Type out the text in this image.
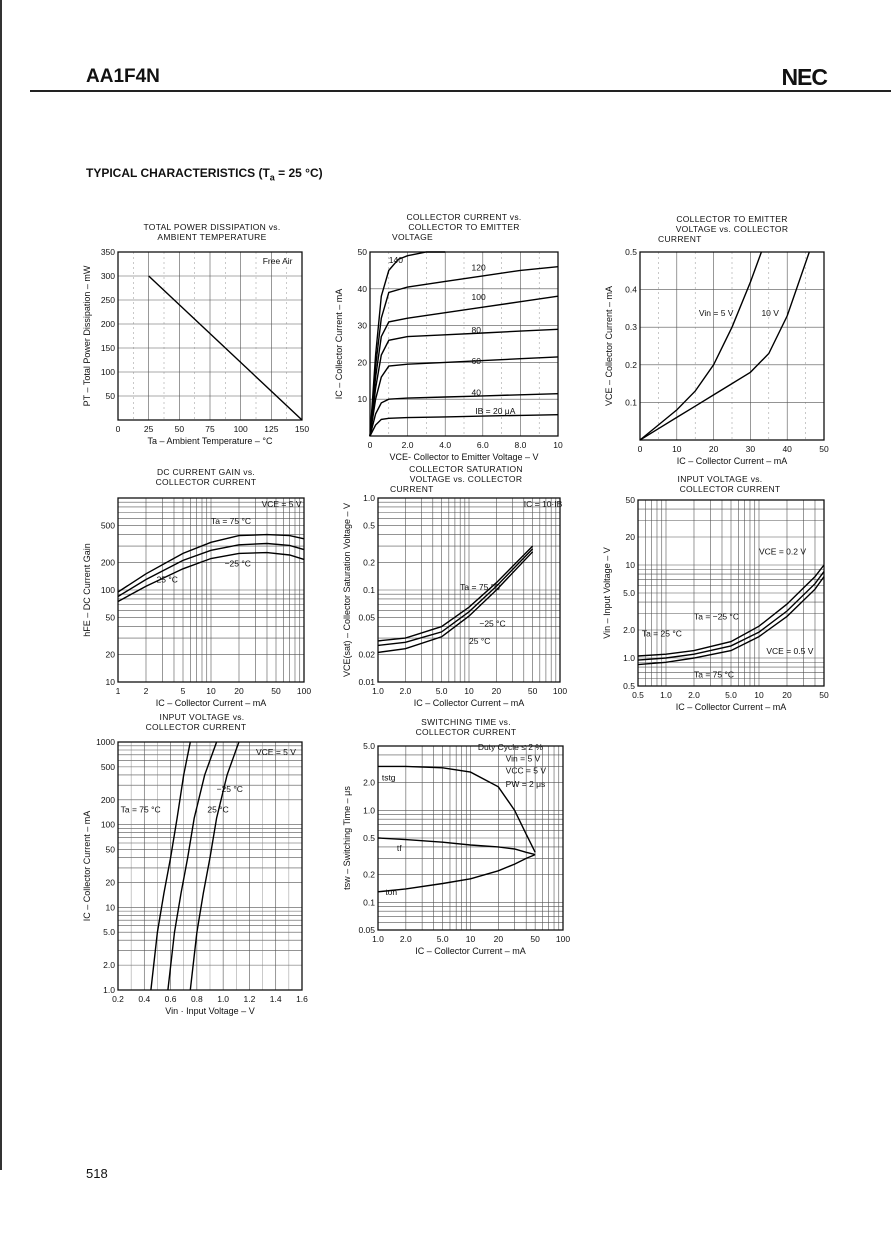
AA1F4N	NEC
TYPICAL CHARACTERISTICS ($T_a = 25$ °C)
518
TOTAL POWER DISSIPATION vs.
AMBIENT TEMPERATURE
0	25 50 75 100 125 150
50
100
150
200
250
300
350
Ta – Ambient Temperature – °C
PT – Total Power Dissipation – mW
Free Air
COLLECTOR CURRENT vs.
COLLECTOR TO EMITTER
VOLTAGE
0	2.0	4.0	6.0	8.0	10
10
20
30
40
50
VCE- Collector to Emitter Voltage – V
IC – Collector Current – mA
140
120
100
80
60
40
IB = 20 μA
COLLECTOR TO EMITTER
VOLTAGE vs. COLLECTOR
CURRENT
0	10	20	30	40	50
0.1
0.2
0.3
0.4
0.5
IC – Collector Current – mA
VCE – Collector Current – mA	Vin = 5 V	10 V
DC CURRENT GAIN vs.
COLLECTOR CURRENT
1	2	5 10 20	50 100
10
20
50
100
200
500
IC – Collector Current – mA
hFE – DC Current Gain
Ta = 75 °C
−25 °C
25 °C
VCE = 5 V
COLLECTOR SATURATION
VOLTAGE vs. COLLECTOR
CURRENT
1.0 2.0	5.0 10 20	50 100
0.01
0.02
0.05
0.1
0.2
0.5
1.0
IC – Collector Current – mA
VCE(sat) – Collector Saturation Voltage – V	Ta = 75 °C
−25 °C
25 °C
IC = 10·IB
INPUT VOLTAGE vs.
COLLECTOR CURRENT
0.5 1.0 2.0	5.0 10 20	50
0.5
1.0
2.0
5.0
10
20
50
IC – Collector Current – mA
Vin – Input Voltage – V	Ta = −25 °C
Ta = 25 °C
Ta = 75 °C
VCE = 0.2 V
VCE = 0.5 V
INPUT VOLTAGE vs.
COLLECTOR CURRENT
0.2 0.4 0.6 0.8 1.0 1.2 1.4 1.6
1.0
2.0
5.0
10
20
50
100
200
500
1000
Vin · Input Voltage – V
IC – Collector Current – mA
Ta = 75 °C
−25 °C
25 °C
VCE = 5 V
SWITCHING TIME vs.
COLLECTOR CURRENT
1.0 2.0	5.0 10 20	50 100
0.05
0.1
0.2
0.5
1.0
2.0
5.0
IC – Collector Current – mA
tsw – Switching Time – μs
tstg
tf
ton
Duty Cycle ≤ 2 %
Vin = 5 V
VCC = 5 V
PW = 2 μs
